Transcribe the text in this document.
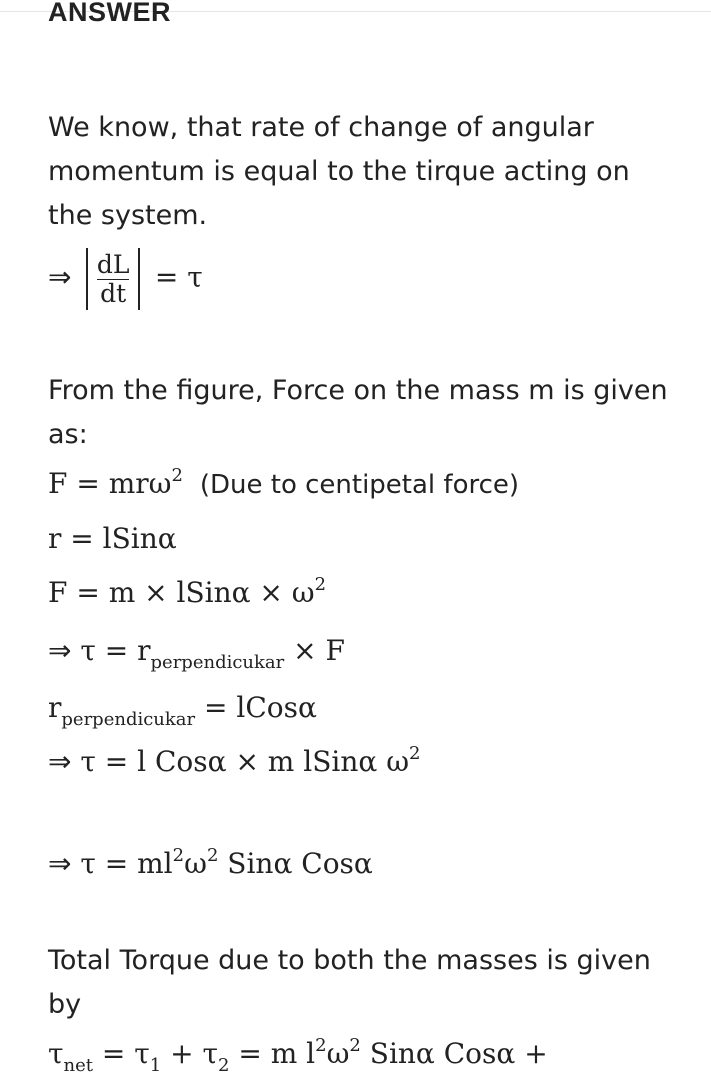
ANSWER

We know, that rate of change of angular momentum is equal to the tirque acting on the system.

⇒ $\frac{dL}{dt} = \tau$

From the figure, Force on the mass m is given as:

F = mrω$^2$ (Due to centipetal force)
r = lSinα
F = m × lSinα × $\omega^2$
⇒ $\tau = r_{perpendicukar} \times F$
$r_{perpendicukar}$ = lCosα
⇒ τ = l Cosα × m lSinα $\omega^2$
⇒ $\tau = ml^2\omega^2$ Sinα Cosα

Total Torque due to both the masses is given by

$\tau_{net} = \tau_1 + \tau_2 = m$ $l^2\omega^2$ Sinα Cosα +
